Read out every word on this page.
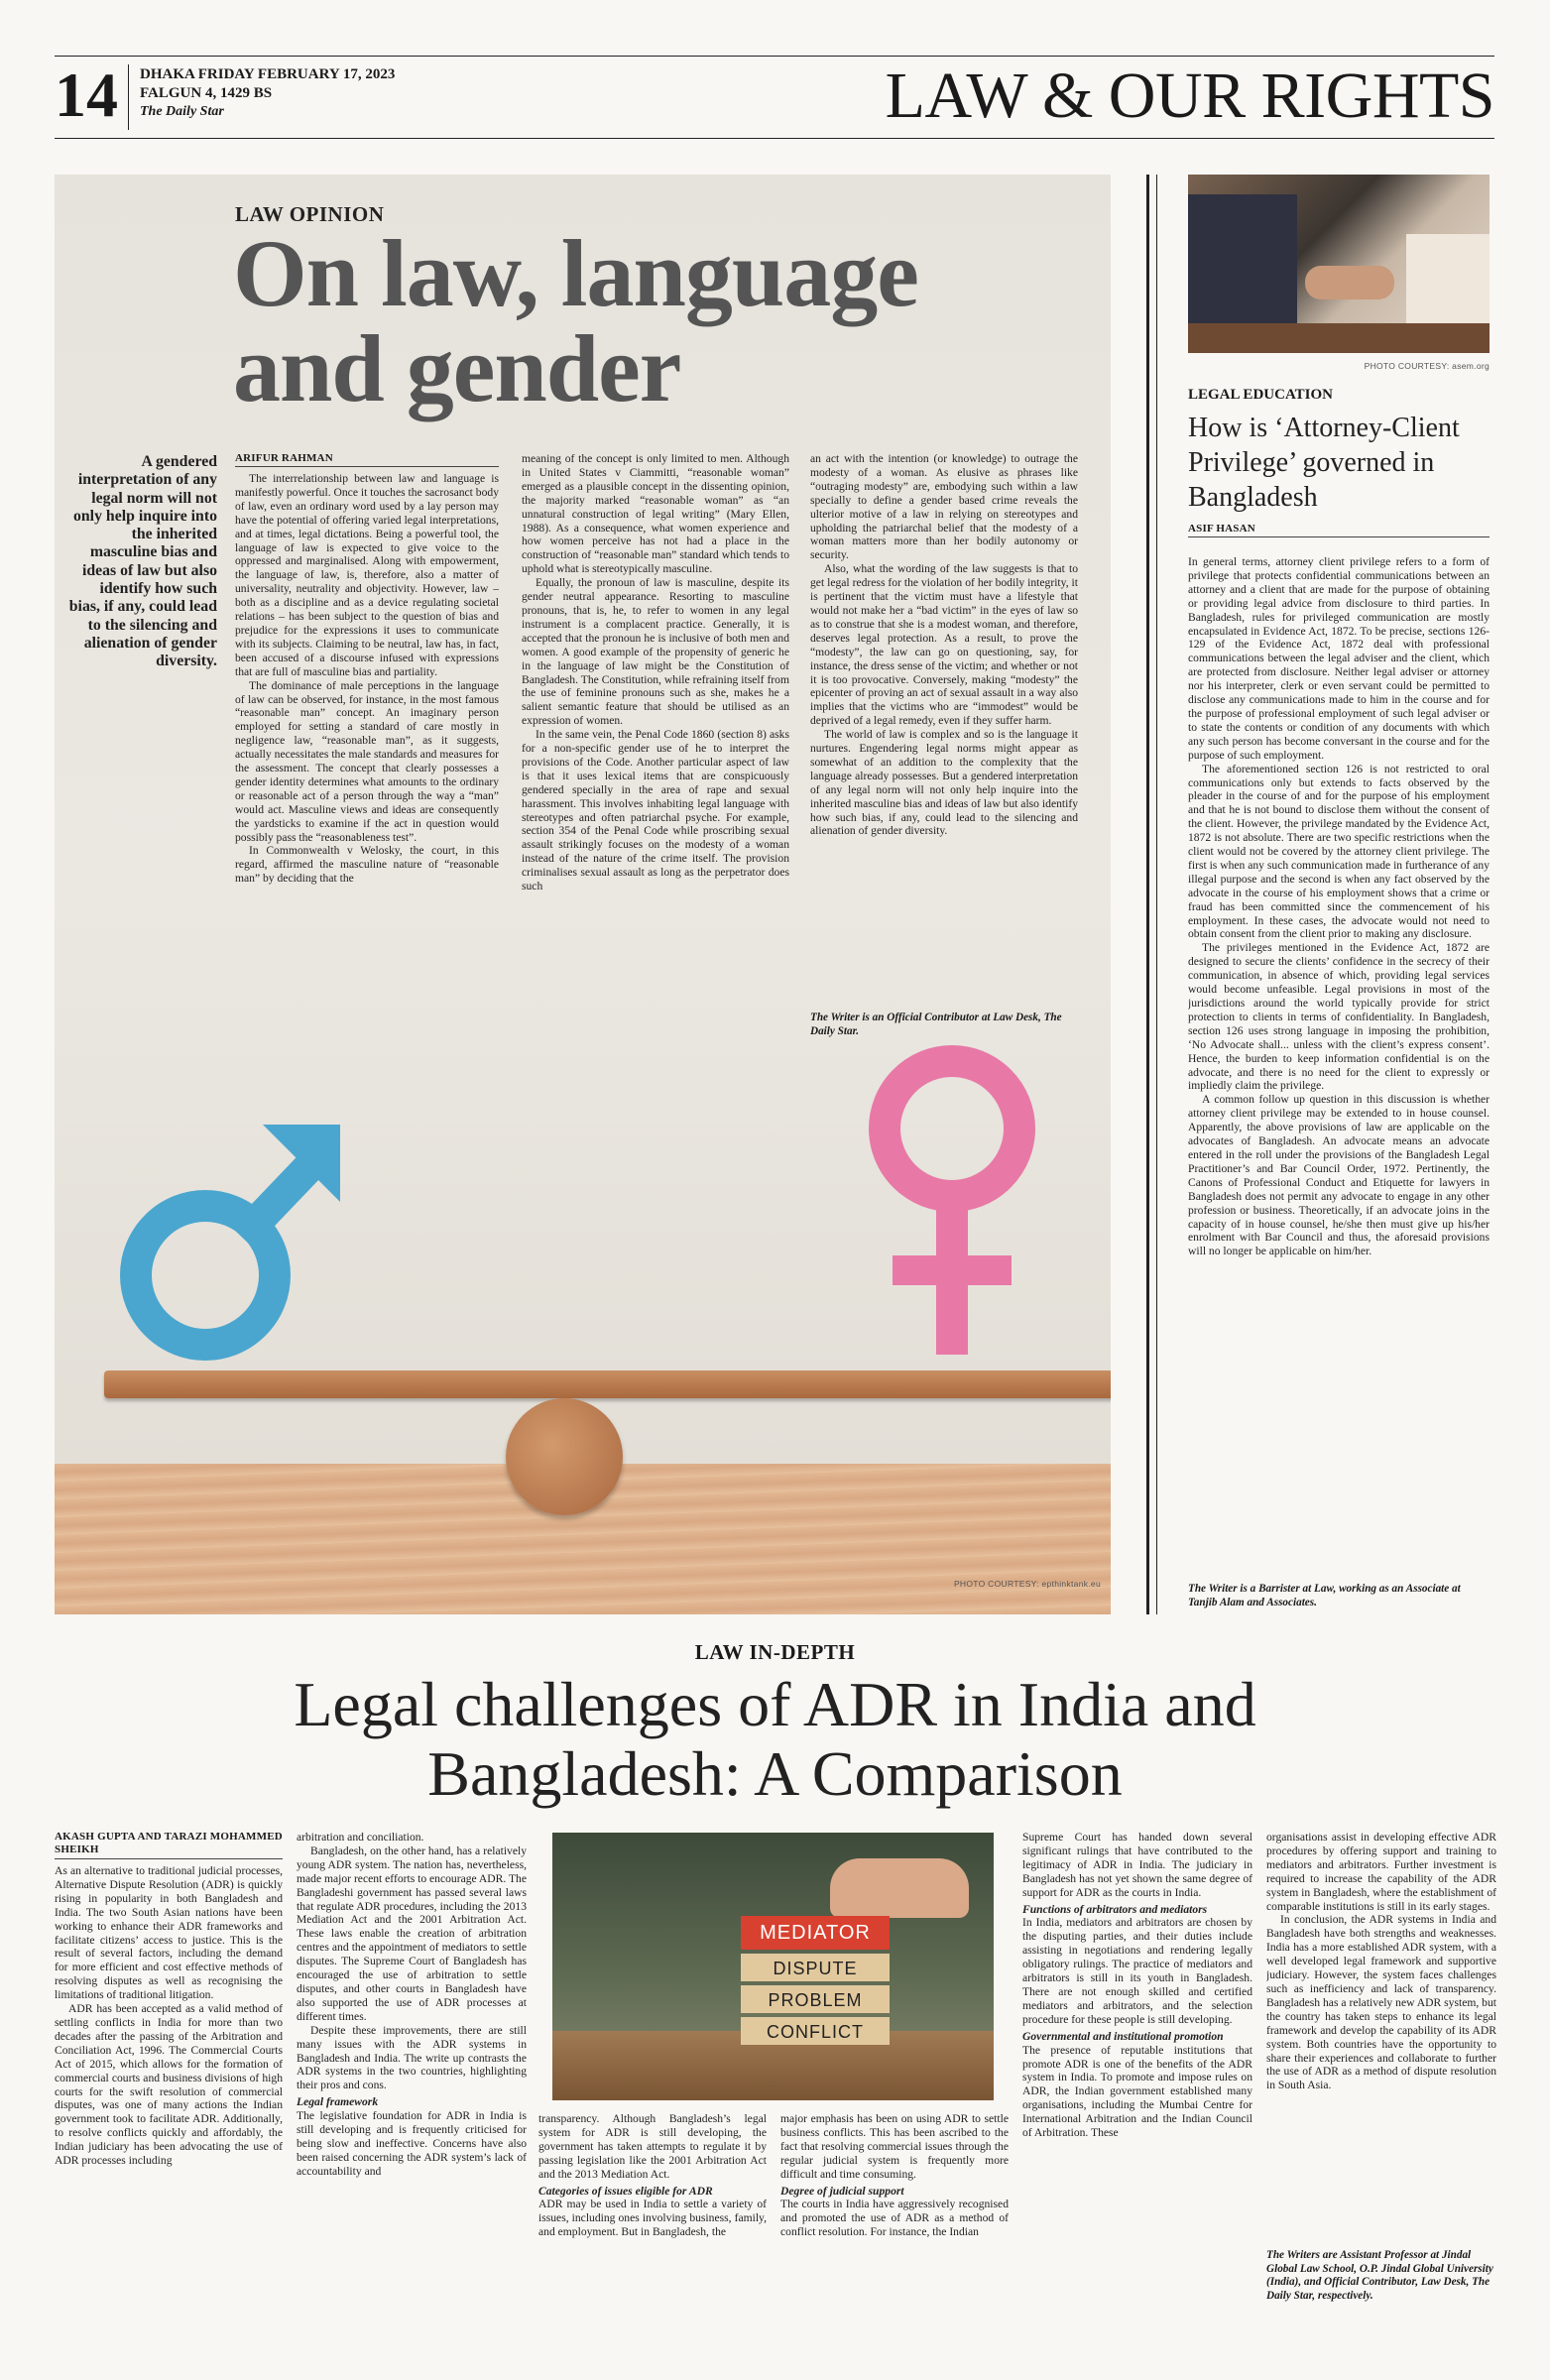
14 DHAKA FRIDAY FEBRUARY 17, 2023
FALGUN 4, 1429 BS
The Daily Star	LAW & OUR RIGHTS
LAW OPINION
On law, language
and gender
A gendered interpretation of any legal norm will not only help inquire into the inherited masculine bias and ideas of law but also identify how such bias, if any, could lead to the silencing and alienation of gender diversity.
ARIFUR RAHMAN

The interrelationship between law and language is manifestly powerful. Once it touches the sacrosanct body of law, even an ordinary word used by a lay person may have the potential of offering varied legal interpretations, and at times, legal dictations. Being a powerful tool, the language of law is expected to give voice to the oppressed and marginalised. Along with empowerment, the language of law, is, therefore, also a matter of universality, neutrality and objectivity. However, law – both as a discipline and as a device regulating societal relations – has been subject to the question of bias and prejudice for the expressions it uses to communicate with its subjects. Claiming to be neutral, law has, in fact, been accused of a discourse infused with expressions that are full of masculine bias and partiality.

The dominance of male perceptions in the language of law can be observed, for instance, in the most famous “reasonable man” concept. An imaginary person employed for setting a standard of care mostly in negligence law, “reasonable man”, as it suggests, actually necessitates the male standards and measures for the assessment. The concept that clearly possesses a gender identity determines what amounts to the ordinary or reasonable act of a person through the way a “man” would act. Masculine views and ideas are consequently the yardsticks to examine if the act in question would possibly pass the “reasonableness test”.

In Commonwealth v Welosky, the court, in this regard, affirmed the masculine nature of “reasonable man” by deciding that the

meaning of the concept is only limited to men. Although in United States v Ciammitti, “reasonable woman” emerged as a plausible concept in the dissenting opinion, the majority marked “reasonable woman” as “an unnatural construction of legal writing” (Mary Ellen, 1988). As a consequence, what women experience and how women perceive has not had a place in the construction of “reasonable man” standard which tends to uphold what is stereotypically masculine.

Equally, the pronoun of law is masculine, despite its gender neutral appearance. Resorting to masculine pronouns, that is, he, to refer to women in any legal instrument is a complacent practice. Generally, it is accepted that the pronoun he is inclusive of both men and women. A good example of the propensity of generic he in the language of law might be the Constitution of Bangladesh. The Constitution, while refraining itself from the use of feminine pronouns such as she, makes he a salient semantic feature that should be utilised as an expression of women.

In the same vein, the Penal Code 1860 (section 8) asks for a non-specific gender use of he to interpret the provisions of the Code. Another particular aspect of law is that it uses lexical items that are conspicuously gendered specially in the area of rape and sexual harassment. This involves inhabiting legal language with stereotypes and often patriarchal psyche. For example, section 354 of the Penal Code while proscribing sexual assault strikingly focuses on the modesty of a woman instead of the nature of the crime itself. The provision criminalises sexual assault as long as the perpetrator does such

an act with the intention (or knowledge) to outrage the modesty of a woman. As elusive as phrases like “outraging modesty” are, embodying such within a law specially to define a gender based crime reveals the ulterior motive of a law in relying on stereotypes and upholding the patriarchal belief that the modesty of a woman matters more than her bodily autonomy or security.

Also, what the wording of the law suggests is that to get legal redress for the violation of her bodily integrity, it is pertinent that the victim must have a lifestyle that would not make her a “bad victim” in the eyes of law so as to construe that she is a modest woman, and therefore, deserves legal protection. As a result, to prove the “modesty”, the law can go on questioning, say, for instance, the dress sense of the victim; and whether or not it is too provocative. Conversely, making “modesty” the epicenter of proving an act of sexual assault in a way also implies that the victims who are “immodest” would be deprived of a legal remedy, even if they suffer harm.

The world of law is complex and so is the language it nurtures. Engendering legal norms might appear as somewhat of an addition to the complexity that the language already possesses. But a gendered interpretation of any legal norm will not only help inquire into the inherited masculine bias and ideas of law but also identify how such bias, if any, could lead to the silencing and alienation of gender diversity.

The Writer is an Official Contributor at Law Desk, The Daily Star.
PHOTO COURTESY: epthinktank.eu
PHOTO COURTESY: asem.org
LEGAL EDUCATION
How is ‘Attorney-Client Privilege’ governed in Bangladesh
ASIF HASAN

In general terms, attorney client privilege refers to a form of privilege that protects confidential communications between an attorney and a client that are made for the purpose of obtaining or providing legal advice from disclosure to third parties. In Bangladesh, rules for privileged communication are mostly encapsulated in Evidence Act, 1872. To be precise, sections 126-129 of the Evidence Act, 1872 deal with professional communications between the legal adviser and the client, which are protected from disclosure. Neither legal adviser or attorney nor his interpreter, clerk or even servant could be permitted to disclose any communications made to him in the course and for the purpose of professional employment of such legal adviser or to state the contents or condition of any documents with which any such person has become conversant in the course and for the purpose of such employment.

The aforementioned section 126 is not restricted to oral communications only but extends to facts observed by the pleader in the course of and for the purpose of his employment and that he is not bound to disclose them without the consent of the client. However, the privilege mandated by the Evidence Act, 1872 is not absolute. There are two specific restrictions when the client would not be covered by the attorney client privilege. The first is when any such communication made in furtherance of any illegal purpose and the second is when any fact observed by the advocate in the course of his employment shows that a crime or fraud has been committed since the commencement of his employment. In these cases, the advocate would not need to obtain consent from the client prior to making any disclosure.

The privileges mentioned in the Evidence Act, 1872 are designed to secure the clients’ confidence in the secrecy of their communication, in absence of which, providing legal services would become unfeasible. Legal provisions in most of the jurisdictions around the world typically provide for strict protection to clients in terms of confidentiality. In Bangladesh, section 126 uses strong language in imposing the prohibition, ‘No Advocate shall... unless with the client’s express consent’. Hence, the burden to keep information confidential is on the advocate, and there is no need for the client to expressly or impliedly claim the privilege.

A common follow up question in this discussion is whether attorney client privilege may be extended to in house counsel. Apparently, the above provisions of law are applicable on the advocates of Bangladesh. An advocate means an advocate entered in the roll under the provisions of the Bangladesh Legal Practitioner’s and Bar Council Order, 1972. Pertinently, the Canons of Professional Conduct and Etiquette for lawyers in Bangladesh does not permit any advocate to engage in any other profession or business. Theoretically, if an advocate joins in the capacity of in house counsel, he/she then must give up his/her enrolment with Bar Council and thus, the aforesaid provisions will no longer be applicable on him/her.

The Writer is a Barrister at Law, working as an Associate at Tanjib Alam and Associates.
LAW IN-DEPTH
Legal challenges of ADR in India and
Bangladesh: A Comparison
AKASH GUPTA AND TARAZI MOHAMMED SHEIKH

As an alternative to traditional judicial processes, Alternative Dispute Resolution (ADR) is quickly rising in popularity in both Bangladesh and India. The two South Asian nations have been working to enhance their ADR frameworks and facilitate citizens’ access to justice. This is the result of several factors, including the demand for more efficient and cost effective methods of resolving disputes as well as recognising the limitations of traditional litigation.

ADR has been accepted as a valid method of settling conflicts in India for more than two decades after the passing of the Arbitration and Conciliation Act, 1996. The Commercial Courts Act of 2015, which allows for the formation of commercial courts and business divisions of high courts for the swift resolution of commercial disputes, was one of many actions the Indian government took to facilitate ADR. Additionally, to resolve conflicts quickly and affordably, the Indian judiciary has been advocating the use of ADR processes including

arbitration and conciliation.

Bangladesh, on the other hand, has a relatively young ADR system. The nation has, nevertheless, made major recent efforts to encourage ADR. The Bangladeshi government has passed several laws that regulate ADR procedures, including the 2013 Mediation Act and the 2001 Arbitration Act. These laws enable the creation of arbitration centres and the appointment of mediators to settle disputes. The Supreme Court of Bangladesh has encouraged the use of arbitration to settle disputes, and other courts in Bangladesh have also supported the use of ADR processes at different times.

Despite these improvements, there are still many issues with the ADR systems in Bangladesh and India. The write up contrasts the ADR systems in the two countries, highlighting their pros and cons.

Legal framework

The legislative foundation for ADR in India is still developing and is frequently criticised for being slow and ineffective. Concerns have also been raised concerning the ADR system’s lack of accountability and

MEDIATOR
DISPUTE
PROBLEM
CONFLICT

transparency. Although Bangladesh’s legal system for ADR is still developing, the government has taken attempts to regulate it by passing legislation like the 2001 Arbitration Act and the 2013 Mediation Act.

Categories of issues eligible for ADR

ADR may be used in India to settle a variety of issues, including ones involving business, family, and employment. But in Bangladesh, the

major emphasis has been on using ADR to settle business conflicts. This has been ascribed to the fact that resolving commercial issues through the regular judicial system is frequently more difficult and time consuming.

Degree of judicial support

The courts in India have aggressively recognised and promoted the use of ADR as a method of conflict resolution. For instance, the Indian

Supreme Court has handed down several significant rulings that have contributed to the legitimacy of ADR in India. The judiciary in Bangladesh has not yet shown the same degree of support for ADR as the courts in India.

Functions of arbitrators and mediators

In India, mediators and arbitrators are chosen by the disputing parties, and their duties include assisting in negotiations and rendering legally obligatory rulings. The practice of mediators and arbitrators is still in its youth in Bangladesh. There are not enough skilled and certified mediators and arbitrators, and the selection procedure for these people is still developing.

Governmental and institutional promotion

The presence of reputable institutions that promote ADR is one of the benefits of the ADR system in India. To promote and impose rules on ADR, the Indian government established many organisations, including the Mumbai Centre for International Arbitration and the Indian Council of Arbitration. These

organisations assist in developing effective ADR procedures by offering support and training to mediators and arbitrators. Further investment is required to increase the capability of the ADR system in Bangladesh, where the establishment of comparable institutions is still in its early stages.

In conclusion, the ADR systems in India and Bangladesh have both strengths and weaknesses. India has a more established ADR system, with a well developed legal framework and supportive judiciary. However, the system faces challenges such as inefficiency and lack of transparency. Bangladesh has a relatively new ADR system, but the country has taken steps to enhance its legal framework and develop the capability of its ADR system. Both countries have the opportunity to share their experiences and collaborate to further the use of ADR as a method of dispute resolution in South Asia.

The Writers are Assistant Professor at Jindal Global Law School, O.P. Jindal Global University (India), and Official Contributor, Law Desk, The Daily Star, respectively.
